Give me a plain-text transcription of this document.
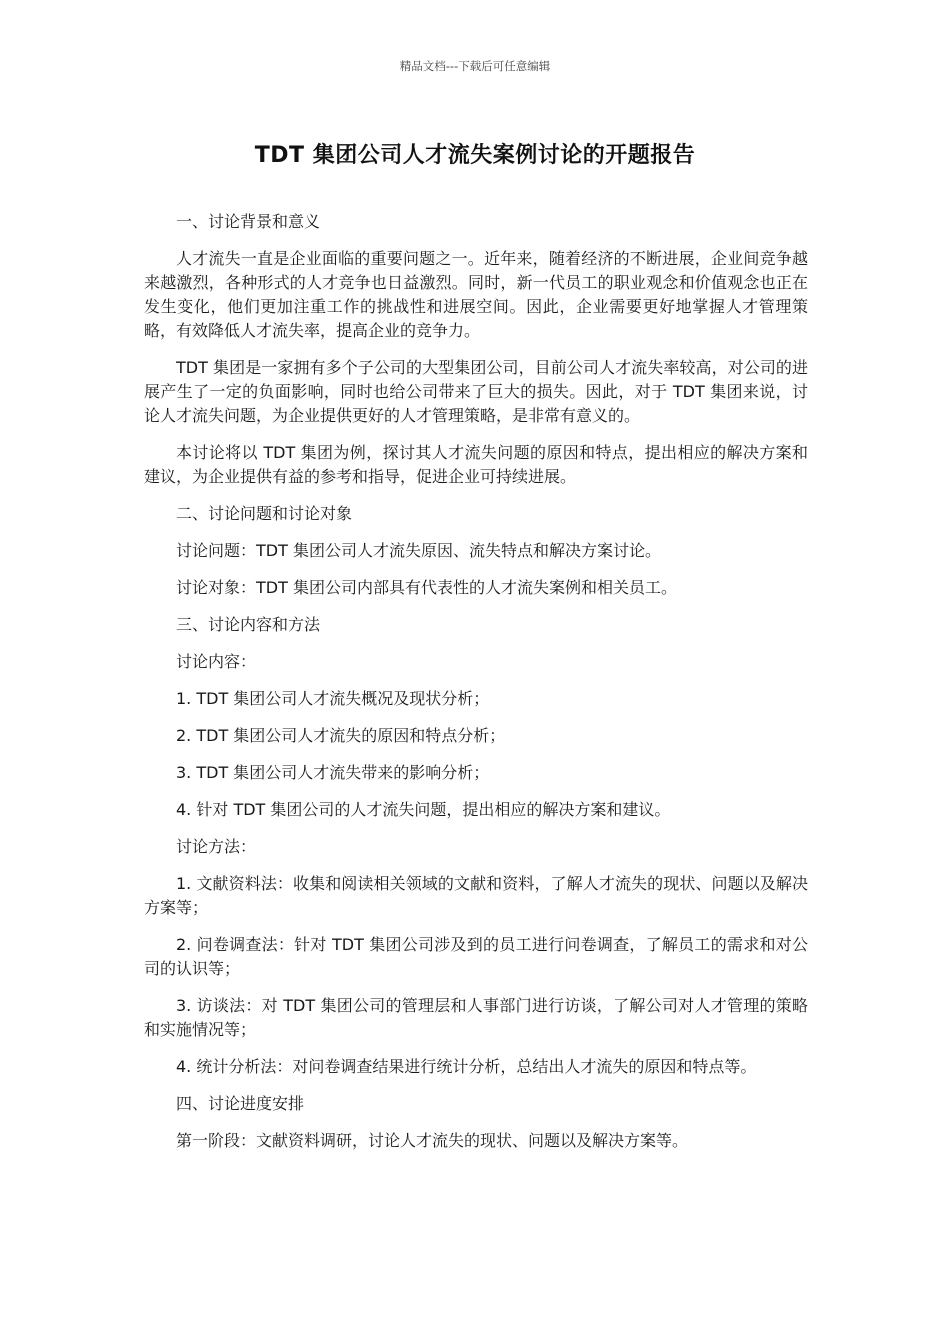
精品文档---下载后可任意编辑
TDT 集团公司人才流失案例讨论的开题报告

一、讨论背景和意义

人才流失一直是企业面临的重要问题之一。近年来，随着经济的不断进展，企业间竞争越来越激烈，各种形式的人才竞争也日益激烈。同时，新一代员工的职业观念和价值观念也正在发生变化，他们更加注重工作的挑战性和进展空间。因此，企业需要更好地掌握人才管理策略，有效降低人才流失率，提高企业的竞争力。

TDT 集团是一家拥有多个子公司的大型集团公司，目前公司人才流失率较高，对公司的进展产生了一定的负面影响，同时也给公司带来了巨大的损失。因此，对于 TDT 集团来说，讨论人才流失问题，为企业提供更好的人才管理策略，是非常有意义的。

本讨论将以 TDT 集团为例，探讨其人才流失问题的原因和特点，提出相应的解决方案和建议，为企业提供有益的参考和指导，促进企业可持续进展。

二、讨论问题和讨论对象

讨论问题：TDT 集团公司人才流失原因、流失特点和解决方案讨论。

讨论对象：TDT 集团公司内部具有代表性的人才流失案例和相关员工。

三、讨论内容和方法

讨论内容：

1. TDT 集团公司人才流失概况及现状分析；

2. TDT 集团公司人才流失的原因和特点分析；

3. TDT 集团公司人才流失带来的影响分析；

4. 针对 TDT 集团公司的人才流失问题，提出相应的解决方案和建议。

讨论方法：

1. 文献资料法：收集和阅读相关领域的文献和资料，了解人才流失的现状、问题以及解决方案等；

2. 问卷调查法：针对 TDT 集团公司涉及到的员工进行问卷调查，了解员工的需求和对公司的认识等；

3. 访谈法：对 TDT 集团公司的管理层和人事部门进行访谈，了解公司对人才管理的策略和实施情况等；

4. 统计分析法：对问卷调查结果进行统计分析，总结出人才流失的原因和特点等。

四、讨论进度安排

第一阶段：文献资料调研，讨论人才流失的现状、问题以及解决方案等。
